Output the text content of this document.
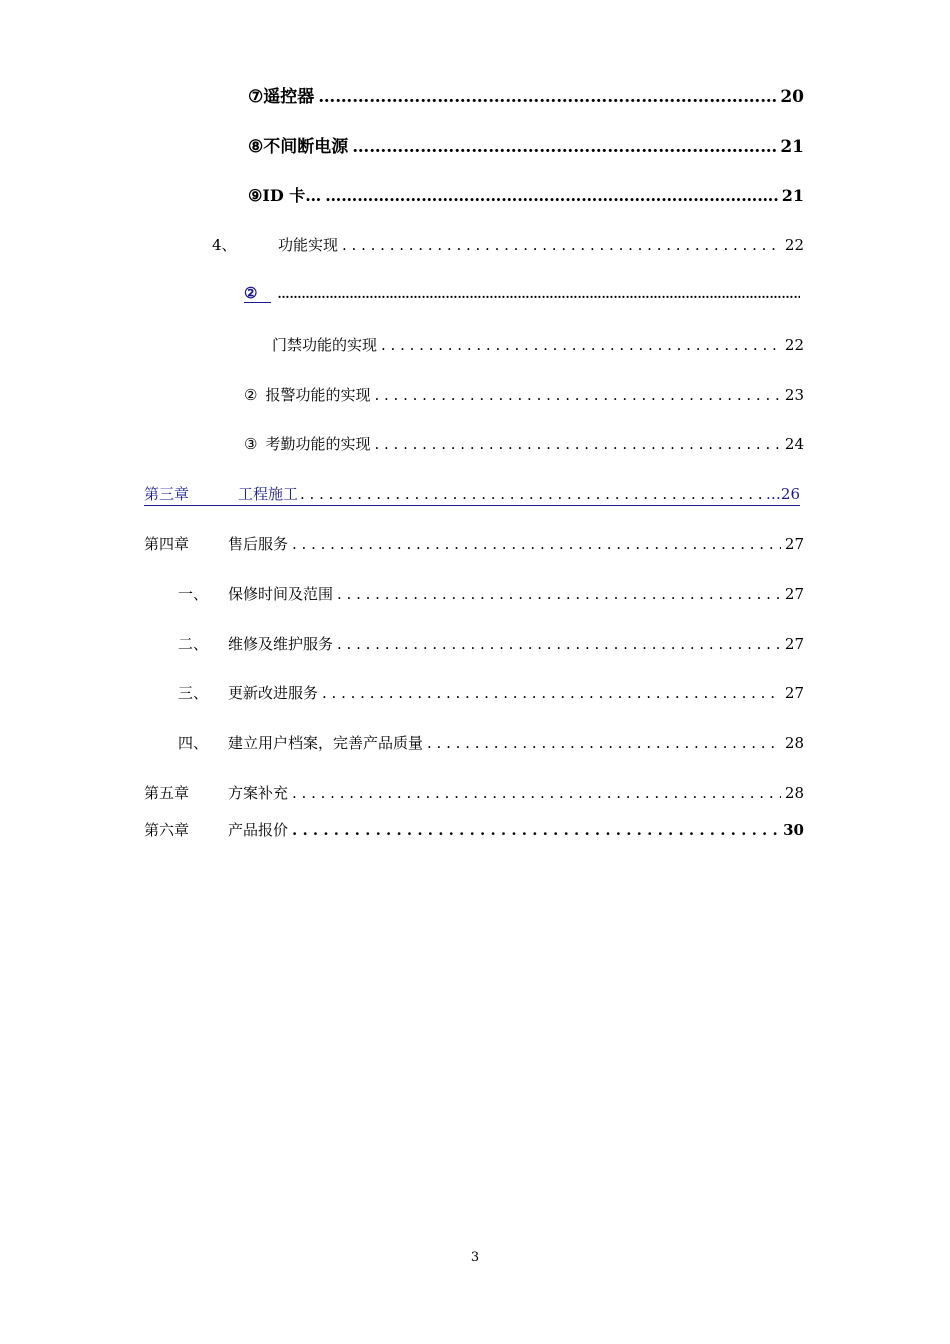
⑦ 遥控器 …………………………………………………………………………………………………………………………………………………………………………………………	20
⑧ 不间断电源 …………………………………………………………………………………………………………………………………………………………………………………………	21
⑨ ID 卡… …………………………………………………………………………………………………………………………………………………………………………………………	21
4、	功能实现 . . .	22
②
…………………………………………………………………………………………………………………………………………………………………………………………
门禁功能的实现 . . .	22
② 报警功能的实现 . . .	23
③ 考勤功能的实现 . . .	24
第三章	工程施工 . . .	…26
第四章	售后服务 . . .	27
一、	保修时间及范围 . . .	27
二、	维修及维护服务 . . .	27
三、	更新改进服务 . . .	27
四、	建立用户档案，完善产品质量 . . .	28
第五章	方案补充 . . .	28
第六章	产品报价 . . .	30
3
